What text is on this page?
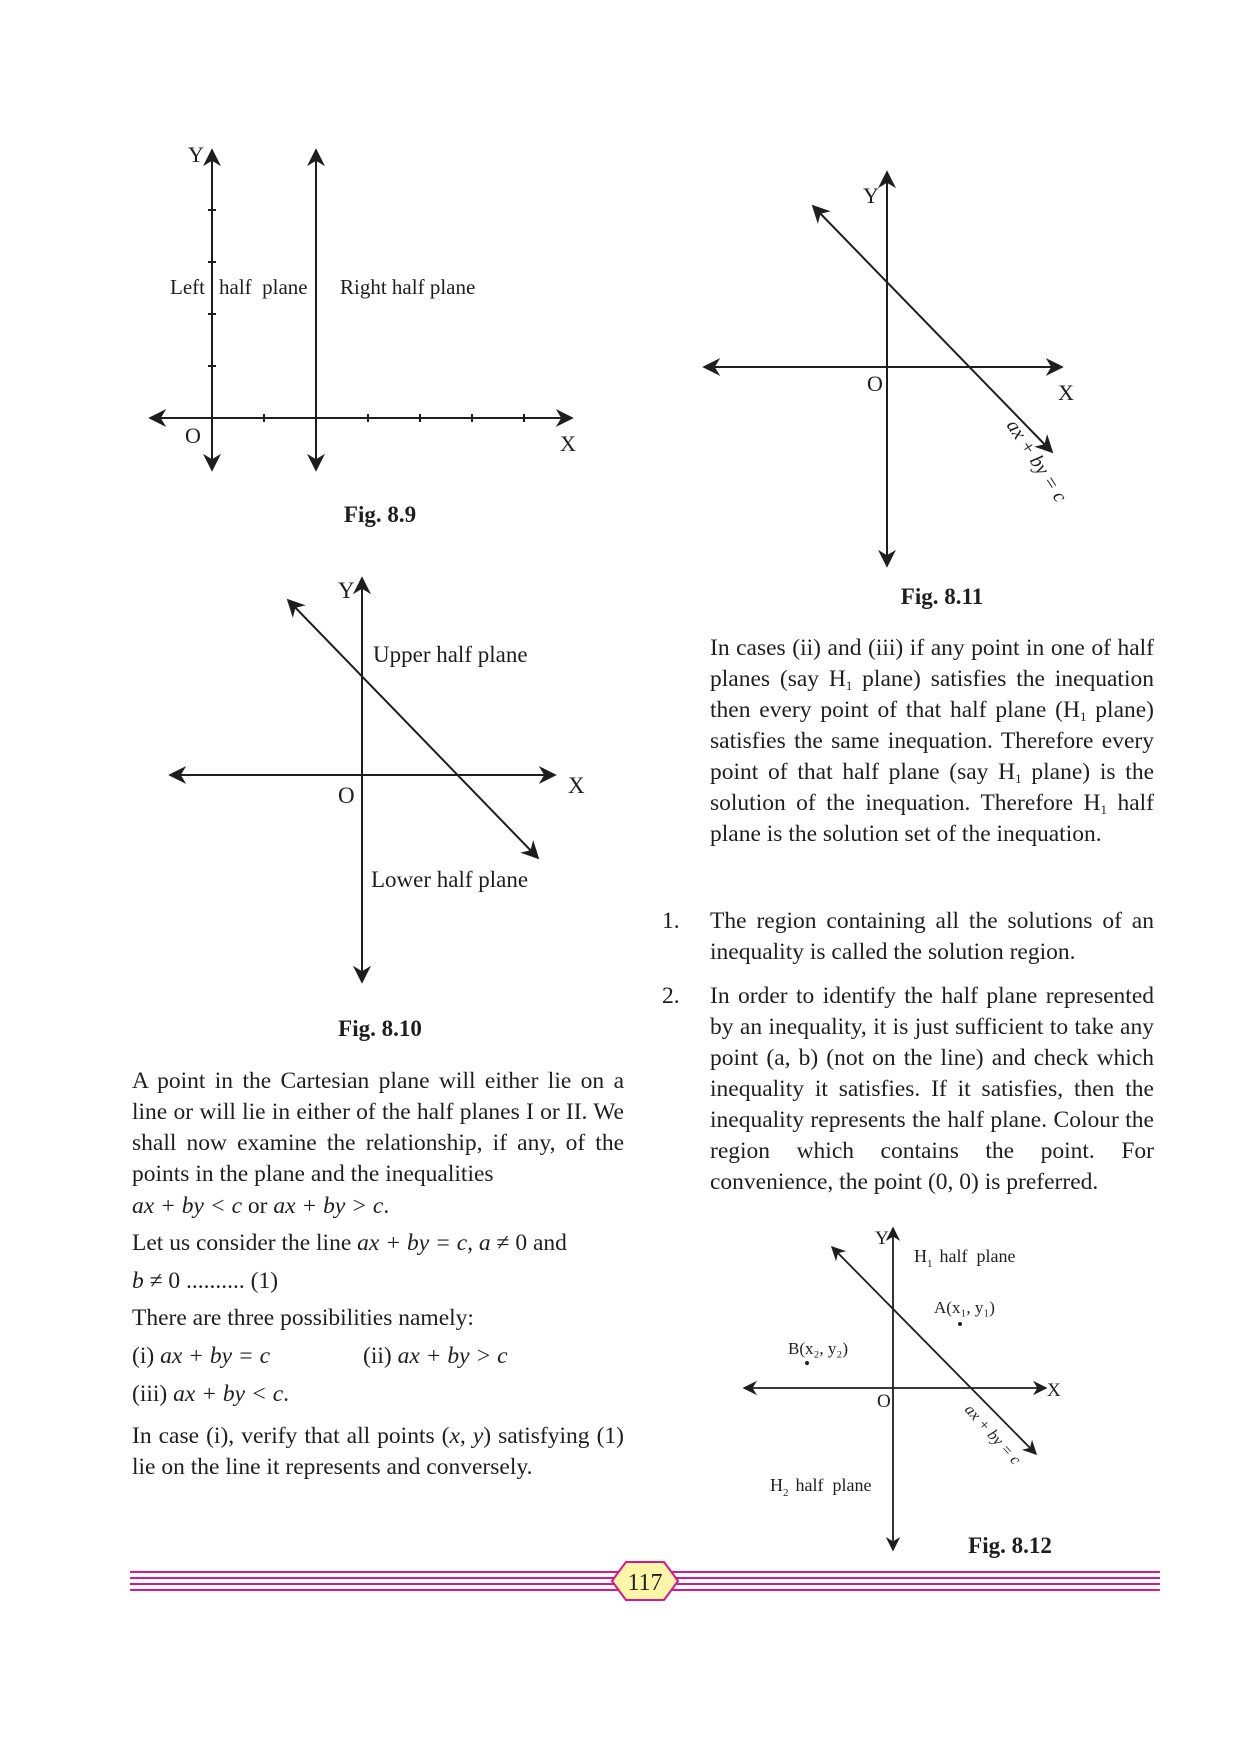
Y
X
O
Left half  plane Right half plane
Fig. 8.9
Y
X
O
Upper half plane
Lower half plane
Fig. 8.10
Y
X
O
ax + by = c
Fig. 8.11
In cases (ii) and (iii) if any point in one of half planes (say $H_1$ plane) satisfies the inequation then every point of that half plane ($H_1$ plane) satisfies the same inequation. Therefore every point of that half plane (say $H_1$ plane) is the solution of the inequation. Therefore $H_1$ half plane is the solution set of the inequation.
1. The region containing all the solutions of an inequality is called the solution region.
2. In order to identify the half plane represented by an inequality, it is just sufficient to take any point (a, b) (not on the line) and check which inequality it satisfies. If it satisfies, then the inequality represents the half plane. Colour the region which contains the point. For convenience, the point (0, 0) is preferred.
Y
X
O
$H_1$ half  plane
$H_2$ half  plane
A(x₁, y₁)
B(x₂, y₂)
ax + by = c
Fig. 8.12
A point in the Cartesian plane will either lie on a line or will lie in either of the half planes I or II. We shall now examine the relationship, if any, of the points in the plane and the inequalities
ax + by < c or ax + by > c.
Let us consider the line ax + by = c, a ≠ 0 and
b ≠ 0 .......... (1)
There are three possibilities namely:
(i) ax + by = c	(ii) ax + by > c
(iii) ax + by < c.
In case (i), verify that all points (x, y) satisfying (1) lie on the line it represents and conversely.
117
